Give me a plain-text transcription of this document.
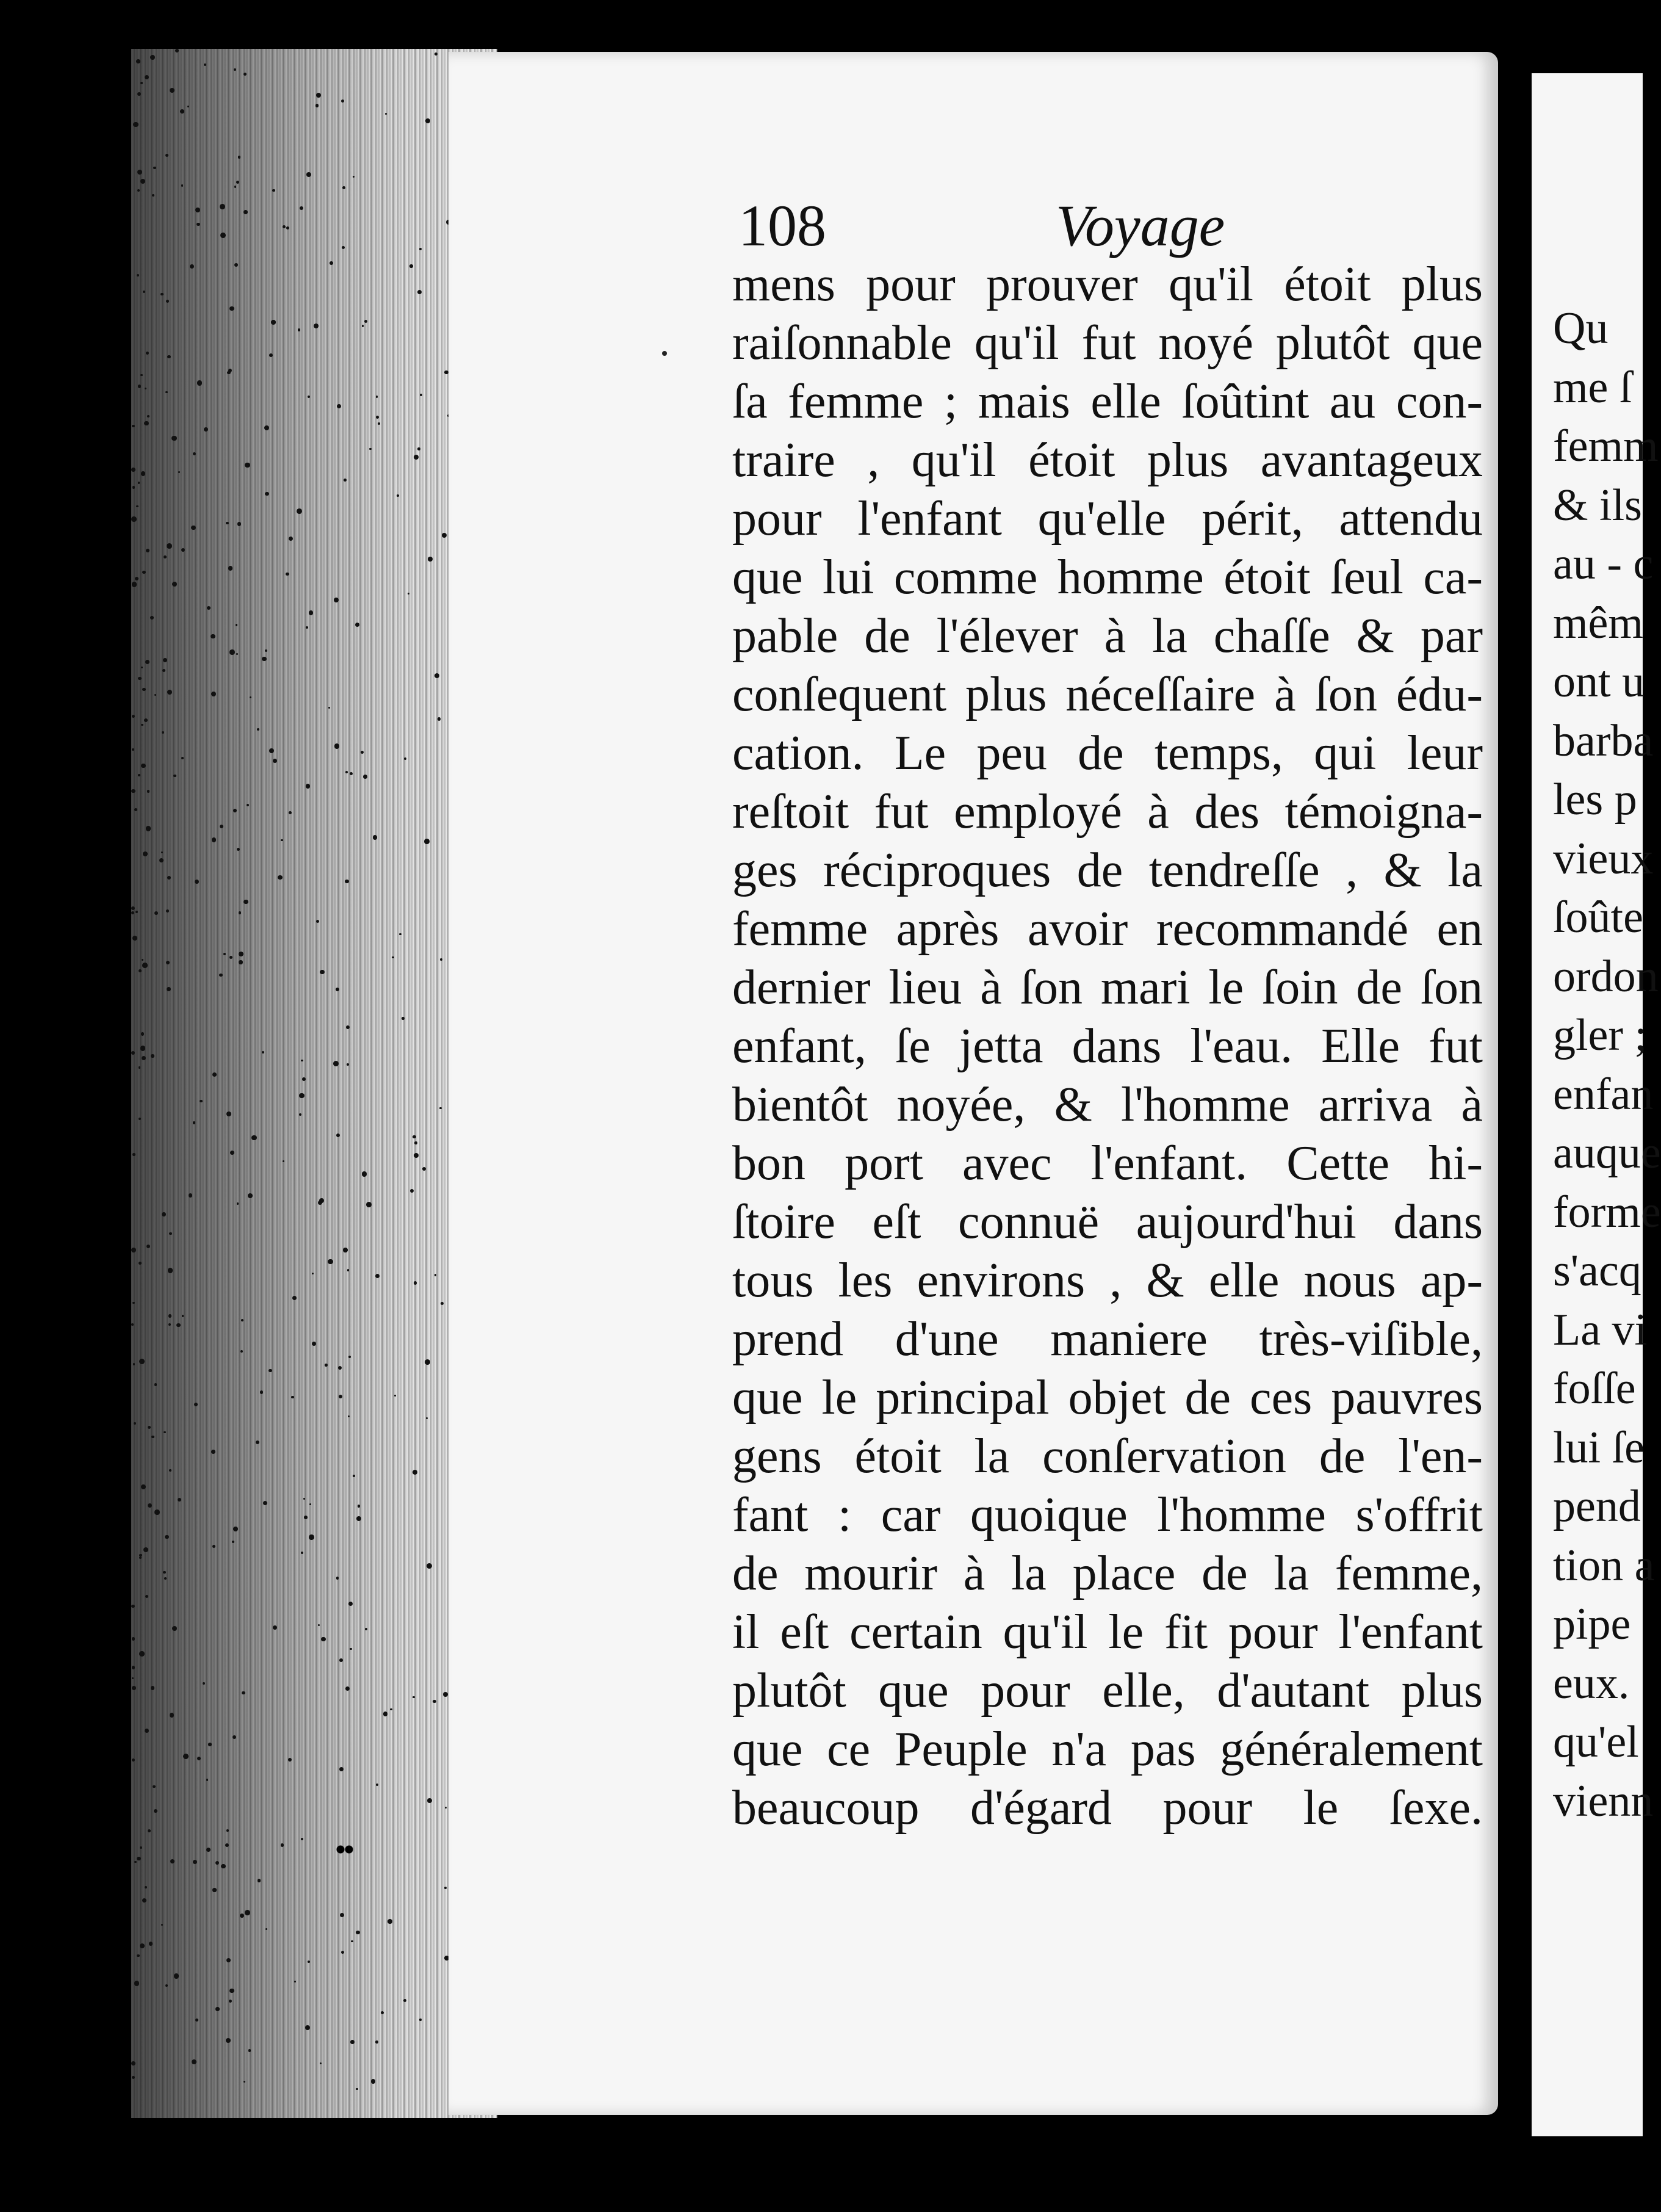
108	Voyage
mens pour prouver qu'il étoit plus
raiſonnable qu'il fut noyé plutôt que
ſa femme ; mais elle ſoûtint au con-
traire , qu'il étoit plus avantageux
pour l'enfant qu'elle périt, attendu
que lui comme homme étoit ſeul ca-
pable de l'élever à la chaſſe & par
conſequent plus néceſſaire à ſon édu-
cation. Le peu de temps, qui leur
reſtoit fut employé à des témoigna-
ges réciproques de tendreſſe , & la
femme après avoir recommandé en
dernier lieu à ſon mari le ſoin de ſon
enfant, ſe jetta dans l'eau. Elle fut
bientôt noyée, & l'homme arriva à
bon port avec l'enfant. Cette hi-
ſtoire eſt connuë aujourd'hui dans
tous les environs , & elle nous ap-
prend d'une maniere très-viſible,
que le principal objet de ces pauvres
gens étoit la conſervation de l'en-
fant : car quoique l'homme s'offrit
de mourir à la place de la femme,
il eſt certain qu'il le fit pour l'enfant
plutôt que pour elle, d'autant plus
que ce Peuple n'a pas généralement
beaucoup d'égard pour le ſexe.
Qu
me ſ
femm
& ils
au - c
mêm
ont u
barba
les p
vieux
ſoûte
ordon
gler ;
enfan
auque
forme
s'acq
La vi
foſſe
lui ſe
pend
tion a
pipe
eux.
qu'el
vienn
